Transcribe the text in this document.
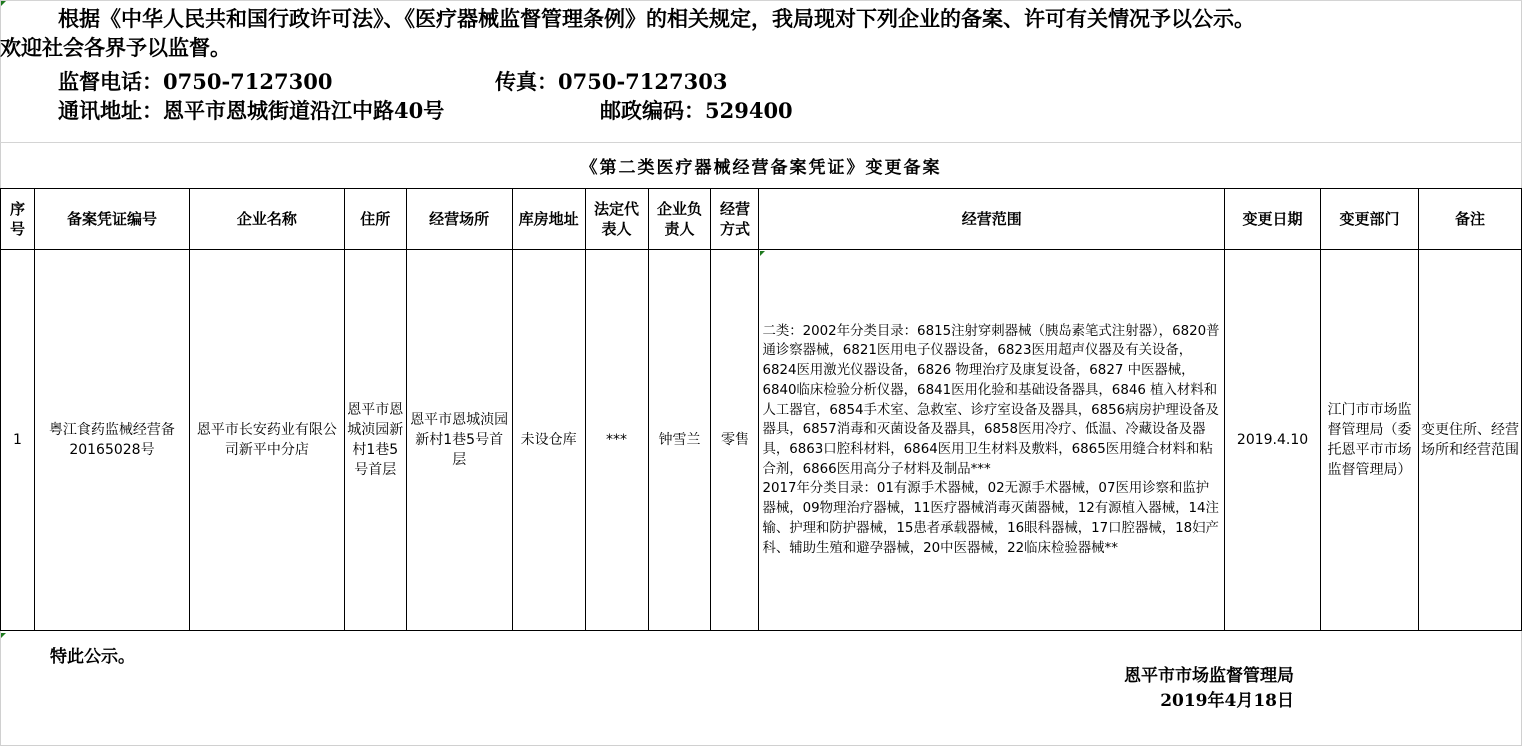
根据《中华人民共和国行政许可法》、《医疗器械监督管理条例》的相关规定，我局现对下列企业的备案、许可有关情况予以公示。
欢迎社会各界予以监督。
监督电话：0750-7127300	传真：0750-7127303
通讯地址：恩平市恩城街道沿江中路40号	邮政编码：529400
《第二类医疗器械经营备案凭证》变更备案
序号	备案凭证编号	企业名称	住所	经营场所	库房地址	法定代表人	企业负责人	经营方式	经营范围	变更日期	变更部门	备注
1	粤江食药监械经营备20165028号	恩平市长安药业有限公司新平中分店	恩平市恩城浈园新村1巷5号首层	恩平市恩城浈园新村1巷5号首层	未设仓库	***	钟雪兰	零售	二类：2002年分类目录：6815注射穿刺器械（胰岛素笔式注射器），6820普通诊察器械，6821医用电子仪器设备，6823医用超声仪器及有关设备，6824医用激光仪器设备，6826 物理治疗及康复设备，6827 中医器械，6840临床检验分析仪器，6841医用化验和基础设备器具，6846 植入材料和人工器官，6854手术室、急救室、诊疗室设备及器具，6856病房护理设备及器具，6857消毒和灭菌设备及器具，6858医用冷疗、低温、冷藏设备及器具，6863口腔科材料，6864医用卫生材料及敷料，6865医用缝合材料和粘合剂，6866医用高分子材料及制品***
2017年分类目录：01有源手术器械，02无源手术器械，07医用诊察和监护器械，09物理治疗器械，11医疗器械消毒灭菌器械，12有源植入器械，14注输、护理和防护器械，15患者承载器械，16眼科器械，17口腔器械，18妇产科、辅助生殖和避孕器械，20中医器械，22临床检验器械**	2019.4.10	江门市市场监督管理局（委托恩平市市场监督管理局）	变更住所、经营场所和经营范围
特此公示。
恩平市市场监督管理局
2019年4月18日
